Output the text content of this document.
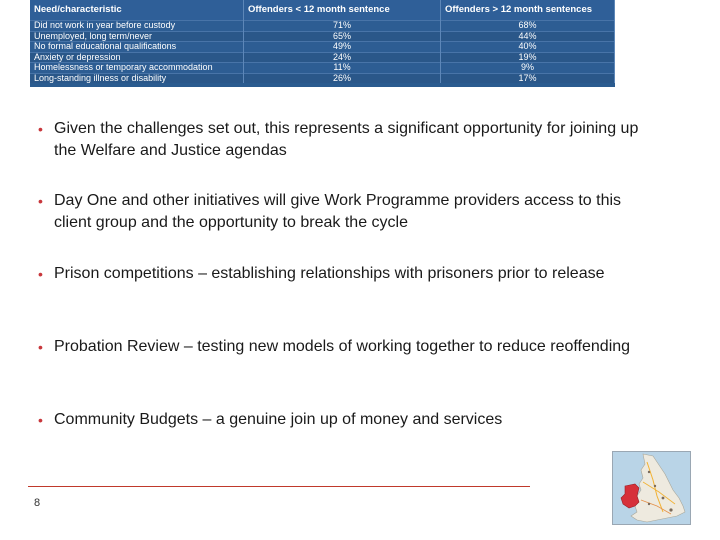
Need/characteristic	Offenders < 12 month sentence	Offenders > 12 month sentences
Did not work in year before custody	71%	68%
Unemployed, long term/never	65%	44%
No formal educational qualifications	49%	40%
Anxiety or depression	24%	19%
Homelessness or temporary accommodation	11%	9%
Long-standing illness or disability	26%	17%
• Given the challenges set out, this represents a significant opportunity for joining up the Welfare and Justice agendas
• Day One and other initiatives will give Work Programme providers access to this client group and the opportunity to break the cycle
• Prison competitions – establishing relationships with prisoners prior to release
• Probation Review – testing new models of working together to reduce reoffending
• Community Budgets – a genuine join up of money and services
8
